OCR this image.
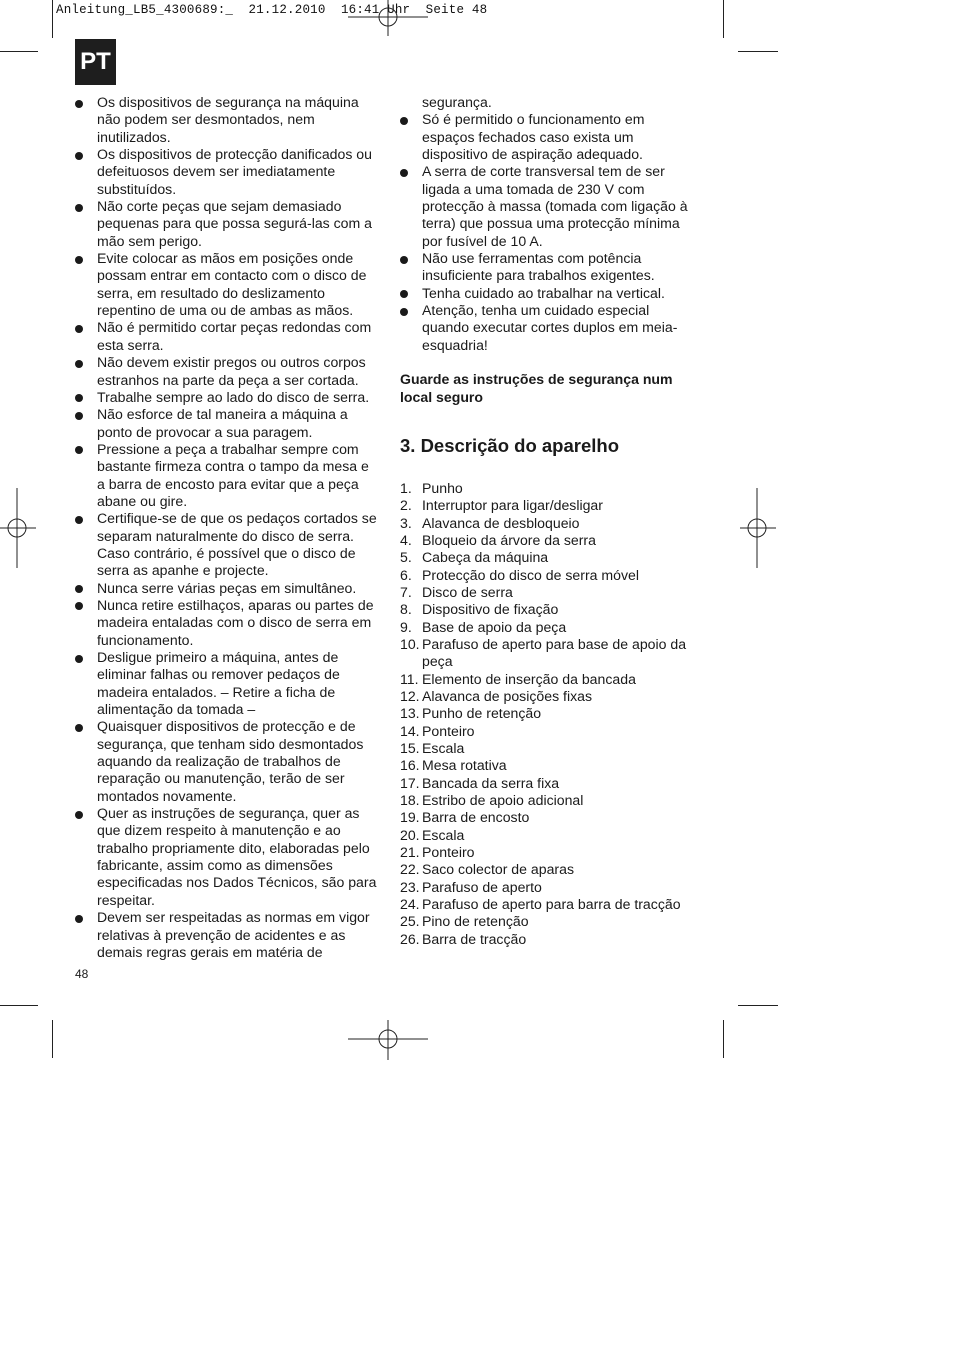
Anleitung_LB5_4300689:_  21.12.2010  16:41 Uhr  Seite 48
PT
Os dispositivos de segurança na máquina não podem ser desmontados, nem inutilizados.
Os dispositivos de protecção danificados ou defeituosos devem ser imediatamente substituídos.
Não corte peças que sejam demasiado pequenas para que possa segurá-las com a mão sem perigo.
Evite colocar as mãos em posições onde possam entrar em contacto com o disco de serra, em resultado do deslizamento repentino de uma ou de ambas as mãos.
Não é permitido cortar peças redondas com esta serra.
Não devem existir pregos ou outros corpos estranhos na parte da peça a ser cortada.
Trabalhe sempre ao lado do disco de serra.
Não esforce de tal maneira a máquina a ponto de provocar a sua paragem.
Pressione a peça a trabalhar sempre com bastante firmeza contra o tampo da mesa e a barra de encosto para evitar que a peça abane ou gire.
Certifique-se de que os pedaços cortados se separam naturalmente do disco de serra. Caso contrário, é possível que o disco de serra as apanhe e projecte.
Nunca serre várias peças em simultâneo.
Nunca retire estilhaços, aparas ou partes de madeira entaladas com o disco de serra em funcionamento.
Desligue primeiro a máquina, antes de eliminar falhas ou remover pedaços de madeira entalados. – Retire a ficha de alimentação da tomada –
Quaisquer dispositivos de protecção e de segurança, que tenham sido desmontados aquando da realização de trabalhos de reparação ou manutenção, terão de ser montados novamente.
Quer as instruções de segurança, quer as que dizem respeito à manutenção e ao trabalho propriamente dito, elaboradas pelo fabricante, assim como as dimensões especificadas nos Dados Técnicos, são para respeitar.
Devem ser respeitadas as normas em vigor relativas à prevenção de acidentes e as demais regras gerais em matéria de
segurança.
Só é permitido o funcionamento em espaços fechados caso exista um dispositivo de aspiração adequado.
A serra de corte transversal tem de ser ligada a uma tomada de 230 V com protecção à massa (tomada com ligação à terra) que possua uma protecção mínima por fusível de 10 A.
Não use ferramentas com potência insuficiente para trabalhos exigentes.
Tenha cuidado ao trabalhar na vertical.
Atenção, tenha um cuidado especial quando executar cortes duplos em meia-esquadria!
Guarde as instruções de segurança num local seguro
3. Descrição do aparelho
1. Punho
2. Interruptor para ligar/desligar
3. Alavanca de desbloqueio
4. Bloqueio da árvore da serra
5. Cabeça da máquina
6. Protecção do disco de serra móvel
7. Disco de serra
8. Dispositivo de fixação
9. Base de apoio da peça
10. Parafuso de aperto para base de apoio da peça
11. Elemento de inserção da bancada
12. Alavanca de posições fixas
13. Punho de retenção
14. Ponteiro
15. Escala
16. Mesa rotativa
17. Bancada da serra fixa
18. Estribo de apoio adicional
19. Barra de encosto
20. Escala
21. Ponteiro
22. Saco colector de aparas
23. Parafuso de aperto
24. Parafuso de aperto para barra de tracção
25. Pino de retenção
26. Barra de tracção
48
